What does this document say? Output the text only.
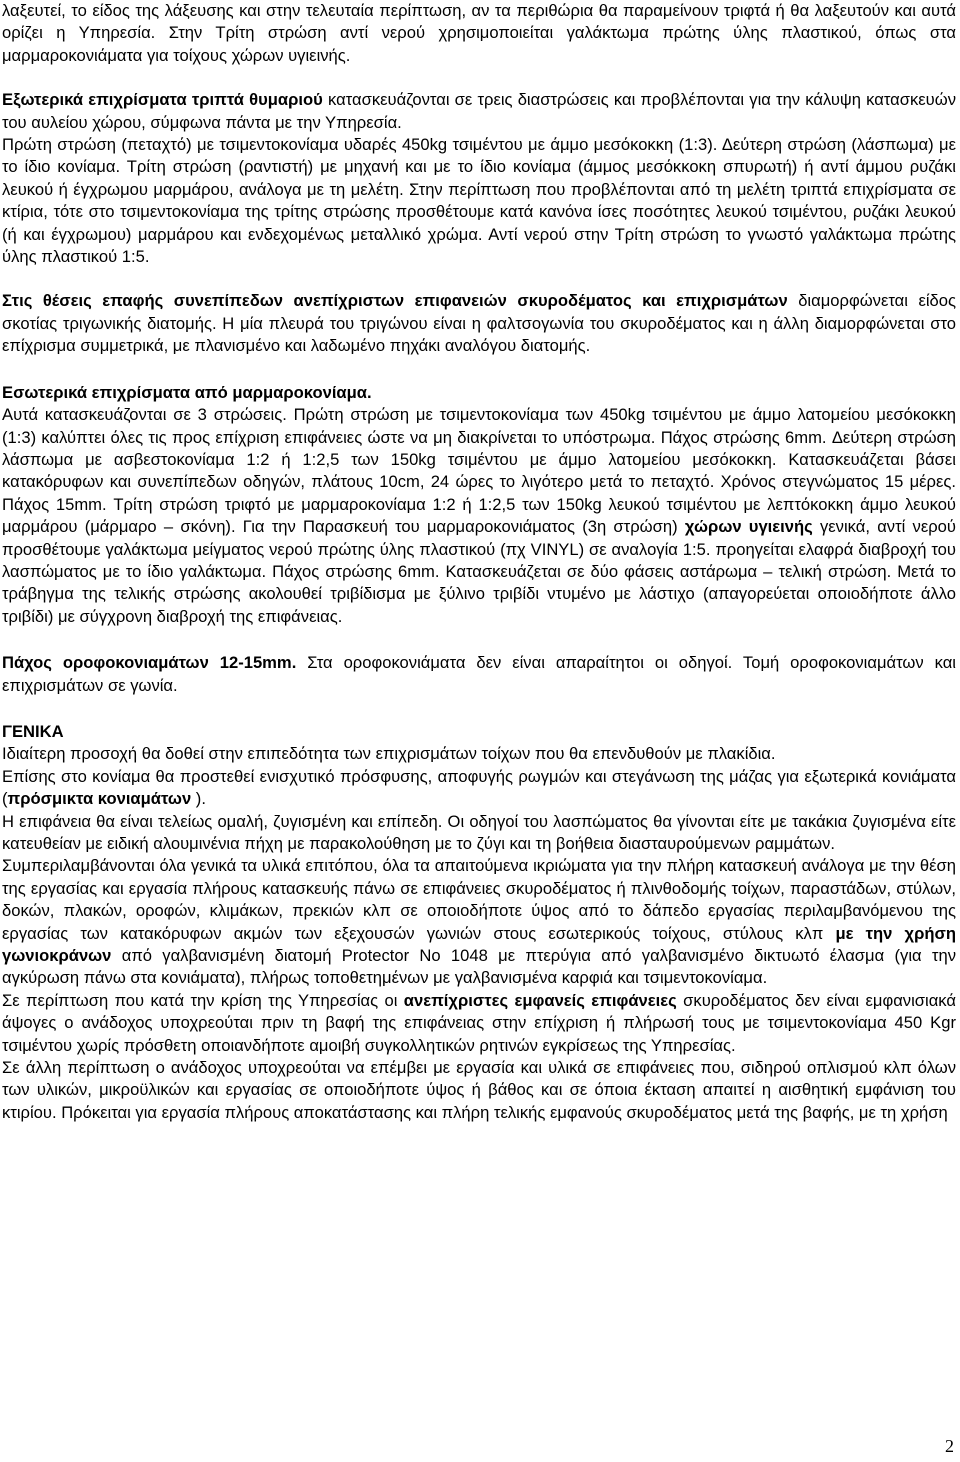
λαξευτεί, το είδος της λάξευσης και στην τελευταία περίπτωση, αν τα περιθώρια θα παραμείνουν τριφτά ή θα λαξευτούν και αυτά ορίζει η Υπηρεσία. Στην Τρίτη στρώση αντί νερού χρησιμοποιείται γαλάκτωμα πρώτης ύλης πλαστικού, όπως στα μαρμαροκονιάματα για τοίχους χώρων υγιεινής.

Εξωτερικά επιχρίσματα τριπτά θυμαριού κατασκευάζονται σε τρεις διαστρώσεις και προβλέπονται για την κάλυψη κατασκευών του αυλείου χώρου, σύμφωνα πάντα με την Υπηρεσία.

Πρώτη στρώση (πεταχτό) με τσιμεντοκονίαμα υδαρές 450kg τσιμέντου με άμμο μεσόκοκκη (1:3). Δεύτερη στρώση (λάσπωμα) με το ίδιο κονίαμα. Τρίτη στρώση (ραντιστή) με μηχανή και με το ίδιο κονίαμα (άμμος μεσόκκοκη σπυρωτή) ή αντί άμμου ρυζάκι λευκού ή έγχρωμου μαρμάρου, ανάλογα με τη μελέτη. Στην περίπτωση που προβλέπονται από τη μελέτη τριπτά επιχρίσματα σε κτίρια, τότε στο τσιμεντοκονίαμα της τρίτης στρώσης προσθέτουμε κατά κανόνα ίσες ποσότητες λευκού τσιμέντου, ρυζάκι λευκού (ή και έγχρωμου) μαρμάρου και ενδεχομένως μεταλλικό χρώμα. Αντί νερού στην Τρίτη στρώση το γνωστό γαλάκτωμα πρώτης ύλης πλαστικού 1:5.

Στις θέσεις επαφής συνεπίπεδων ανεπίχριστων επιφανειών σκυροδέματος και επιχρισμάτων διαμορφώνεται είδος σκοτίας τριγωνικής διατομής. Η μία πλευρά του τριγώνου είναι η φαλτσογωνία του σκυροδέματος και η άλλη διαμορφώνεται στο επίχρισμα συμμετρικά, με πλανισμένο και λαδωμένο πηχάκι αναλόγου διατομής.

Εσωτερικά επιχρίσματα από μαρμαροκονίαμα.

Αυτά κατασκευάζονται σε 3 στρώσεις. Πρώτη στρώση με τσιμεντοκονίαμα των 450kg τσιμέντου με άμμο λατομείου μεσόκοκκη (1:3) καλύπτει όλες τις προς επίχριση επιφάνειες ώστε να μη διακρίνεται το υπόστρωμα. Πάχος στρώσης 6mm. Δεύτερη στρώση λάσπωμα με ασβεστοκονίαμα 1:2 ή 1:2,5 των 150kg τσιμέντου με άμμο λατομείου μεσόκοκκη. Κατασκευάζεται βάσει κατακόρυφων και συνεπίπεδων οδηγών, πλάτους 10cm, 24 ώρες το λιγότερο μετά το πεταχτό. Χρόνος στεγνώματος 15 μέρες. Πάχος 15mm. Τρίτη στρώση τριφτό με μαρμαροκονίαμα 1:2 ή 1:2,5 των 150kg λευκού τσιμέντου με λεπτόκοκκη άμμο λευκού μαρμάρου (μάρμαρο – σκόνη). Για την Παρασκευή του μαρμαροκονιάματος (3η στρώση) χώρων υγιεινής γενικά, αντί νερού προσθέτουμε γαλάκτωμα μείγματος νερού πρώτης ύλης πλαστικού (πχ VINYL) σε αναλογία 1:5. προηγείται ελαφρά διαβροχή του λασπώματος με το ίδιο γαλάκτωμα. Πάχος στρώσης 6mm. Κατασκευάζεται σε δύο φάσεις αστάρωμα – τελική στρώση. Μετά το τράβηγμα της τελικής στρώσης ακολουθεί τριβίδισμα με ξύλινο τριβίδι ντυμένο με λάστιχο (απαγορεύεται οποιοδήποτε άλλο τριβίδι) με σύγχρονη διαβροχή της επιφάνειας.

Πάχος οροφοκονιαμάτων 12-15mm. Στα οροφοκονιάματα δεν είναι απαραίτητοι οι οδηγοί. Τομή οροφοκονιαμάτων και επιχρισμάτων σε γωνία.

ΓΕΝΙΚΑ

Ιδιαίτερη προσοχή θα δοθεί στην επιπεδότητα των επιχρισμάτων τοίχων που θα επενδυθούν με πλακίδια.

Επίσης στο κονίαμα θα προστεθεί ενισχυτικό πρόσφυσης, αποφυγής ρωγμών και στεγάνωση της μάζας για εξωτερικά κονιάματα (πρόσμικτα κονιαμάτων ).

Η επιφάνεια θα είναι τελείως ομαλή, ζυγισμένη και επίπεδη. Οι οδηγοί του λασπώματος θα γίνονται είτε με τακάκια ζυγισμένα είτε κατευθείαν με ειδική αλουμινένια πήχη με παρακολούθηση με το ζύγι και τη βοήθεια διασταυρούμενων ραμμάτων.

Συμπεριλαμβάνονται όλα γενικά τα υλικά επιτόπου, όλα τα απαιτούμενα ικριώματα για την πλήρη κατασκευή ανάλογα με την θέση της εργασίας και εργασία πλήρους κατασκευής πάνω σε επιφάνειες σκυροδέματος ή πλινθοδομής τοίχων, παραστάδων, στύλων, δοκών, πλακών, οροφών, κλιμάκων, πρεκιών κλπ σε οποιοδήποτε ύψος από το δάπεδο εργασίας περιλαμβανόμενου της εργασίας των κατακόρυφων ακμών των εξεχουσών γωνιών στους εσωτερικούς τοίχους, στύλους κλπ με την χρήση γωνιοκράνων από γαλβανισμένη διατομή Protector No 1048 με πτερύγια από γαλβανισμένο δικτυωτό έλασμα (για την αγκύρωση πάνω στα κονιάματα), πλήρως τοποθετημένων με γαλβανισμένα καρφιά και τσιμεντοκονίαμα.

Σε περίπτωση που κατά την κρίση της Υπηρεσίας οι ανεπίχριστες εμφανείς επιφάνειες σκυροδέματος δεν είναι εμφανισιακά άψογες ο ανάδοχος υποχρεούται πριν τη βαφή της επιφάνειας στην επίχριση ή πλήρωσή τους με τσιμεντοκονίαμα 450 Kgr τσιμέντου χωρίς πρόσθετη οποιανδήποτε αμοιβή συγκολλητικών ρητινών εγκρίσεως της Υπηρεσίας.

Σε άλλη περίπτωση ο ανάδοχος υποχρεούται να επέμβει με εργασία και υλικά σε επιφάνειες που, σιδηρού οπλισμού κλπ όλων των υλικών, μικροϋλικών και εργασίας σε οποιοδήποτε ύψος ή βάθος και σε όποια έκταση απαιτεί η αισθητική εμφάνιση του κτιρίου. Πρόκειται για εργασία πλήρους αποκατάστασης και πλήρη τελικής εμφανούς σκυροδέματος μετά της βαφής, με τη χρήση

2
